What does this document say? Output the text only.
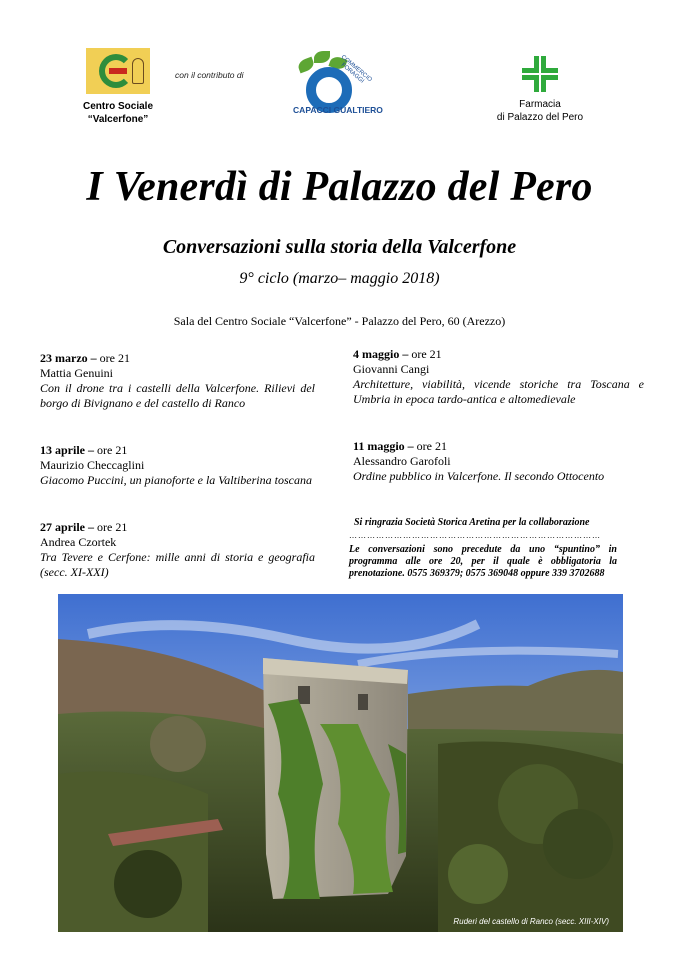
Centro Sociale
“Valcerfone”
con il contributo di	COMMERCIO FORAGGI
CAPACCI GUALTIERO	Farmacia
di Palazzo del Pero
I Venerdì di Palazzo del Pero
Conversazioni sulla storia della Valcerfone
9° ciclo (marzo– maggio 2018)
Sala del Centro Sociale “Valcerfone” - Palazzo del Pero, 60 (Arezzo)
23 marzo – ore 21
Mattia Genuini
Con il drone tra i castelli della Valcerfone. Rilievi del borgo di Bivignano e del castello di Ranco
13 aprile – ore 21
Maurizio Checcaglini
Giacomo Puccini, un pianoforte e la Valtiberina toscana
27 aprile – ore 21
Andrea Czortek
Tra Tevere e Cerfone: mille anni di storia e geografia (secc. XI-XXI)
4 maggio – ore 21
Giovanni Cangi
Architetture, viabilità, vicende storiche tra Toscana e Umbria in epoca tardo-antica e altomedievale
11 maggio – ore 21
Alessandro Garofoli
Ordine pubblico in Valcerfone. Il secondo Ottocento
Si ringrazia Società Storica Aretina per la collaborazione
…………………………………………………………………………
Le conversazioni sono precedute da uno “spuntino” in programma alle ore 20, per il quale è obbligatoria la prenotazione. 0575 369379; 0575 369048 oppure 339 3702688
Ruderi del castello di Ranco (secc. XIII-XIV)
